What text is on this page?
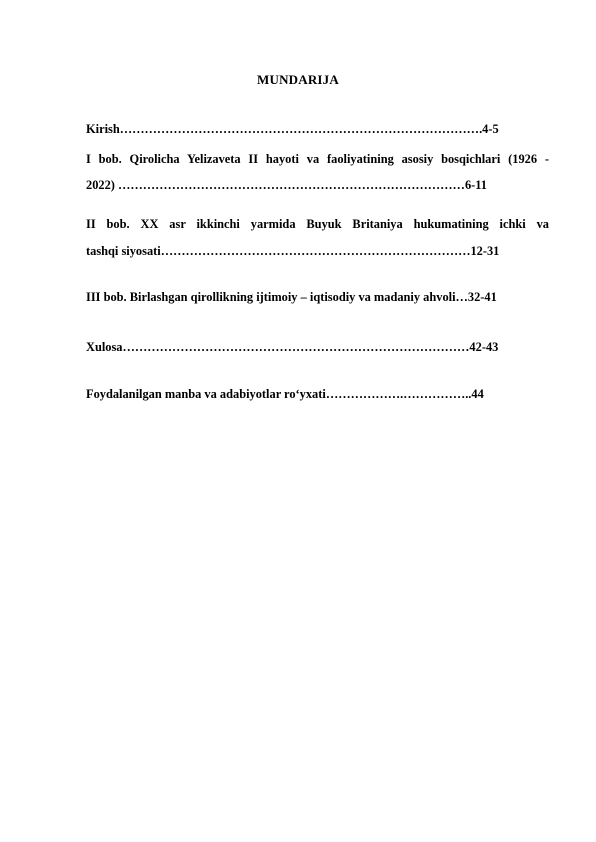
MUNDARIJA
Kirish…………………………………………………………………………….4-5
I bob. Qirolicha Yelizaveta II hayoti va faoliyatining asosiy bosqichlari (1926 -
2022) …………………………………………………………………………6-11
II bob. XX asr ikkinchi yarmida Buyuk Britaniya hukumatining ichki va
tashqi siyosati…………………………………………………………………12-31
III bob. Birlashgan qirollikning ijtimoiy – iqtisodiy va madaniy ahvoli…32-41
Xulosa…………………………………………………………………………42-43
Foydalanilgan manba va adabiyotlar ro‘yxati……………….……………..44
